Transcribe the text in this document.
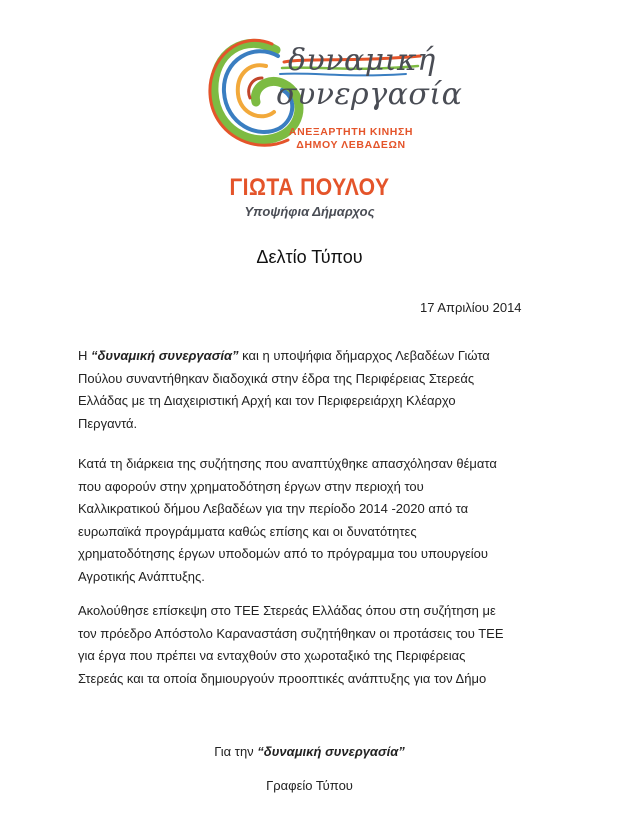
δυναμική
συνεργασία
ΑΝΕΞΑΡΤΗΤΗ ΚΙΝΗΣΗ
ΔΗΜΟΥ ΛΕΒΑΔΕΩΝ
ΓΙΩΤΑ ΠΟΥΛΟΥ
Υποψήφια Δήμαρχος
Δελτίο Τύπου
17 Απριλίου 2014
Η “δυναμική συνεργασία” και η υποψήφια δήμαρχος Λεβαδέων Γιώτα
Πούλου συναντήθηκαν διαδοχικά στην έδρα της Περιφέρειας Στερεάς
Ελλάδας με τη Διαχειριστική Αρχή και τον Περιφερειάρχη Κλέαρχο
Περγαντά.
Κατά τη διάρκεια της συζήτησης που αναπτύχθηκε απασχόλησαν θέματα
που αφορούν στην χρηματοδότηση έργων στην περιοχή του
Καλλικρατικού δήμου Λεβαδέων για την περίοδο 2014 -2020 από τα
ευρωπαϊκά προγράμματα καθώς επίσης και οι δυνατότητες
χρηματοδότησης έργων υποδομών από το πρόγραμμα του υπουργείου
Αγροτικής Ανάπτυξης.
Ακολούθησε επίσκεψη στο ΤΕΕ Στερεάς Ελλάδας όπου στη συζήτηση με
τον πρόεδρο Απόστολο Καραναστάση συζητήθηκαν οι προτάσεις του ΤΕΕ
για έργα που πρέπει να ενταχθούν στο χωροταξικό της Περιφέρειας
Στερεάς και τα οποία δημιουργούν προοπτικές ανάπτυξης για τον Δήμο
Για την “δυναμική συνεργασία”
Γραφείο Τύπου
